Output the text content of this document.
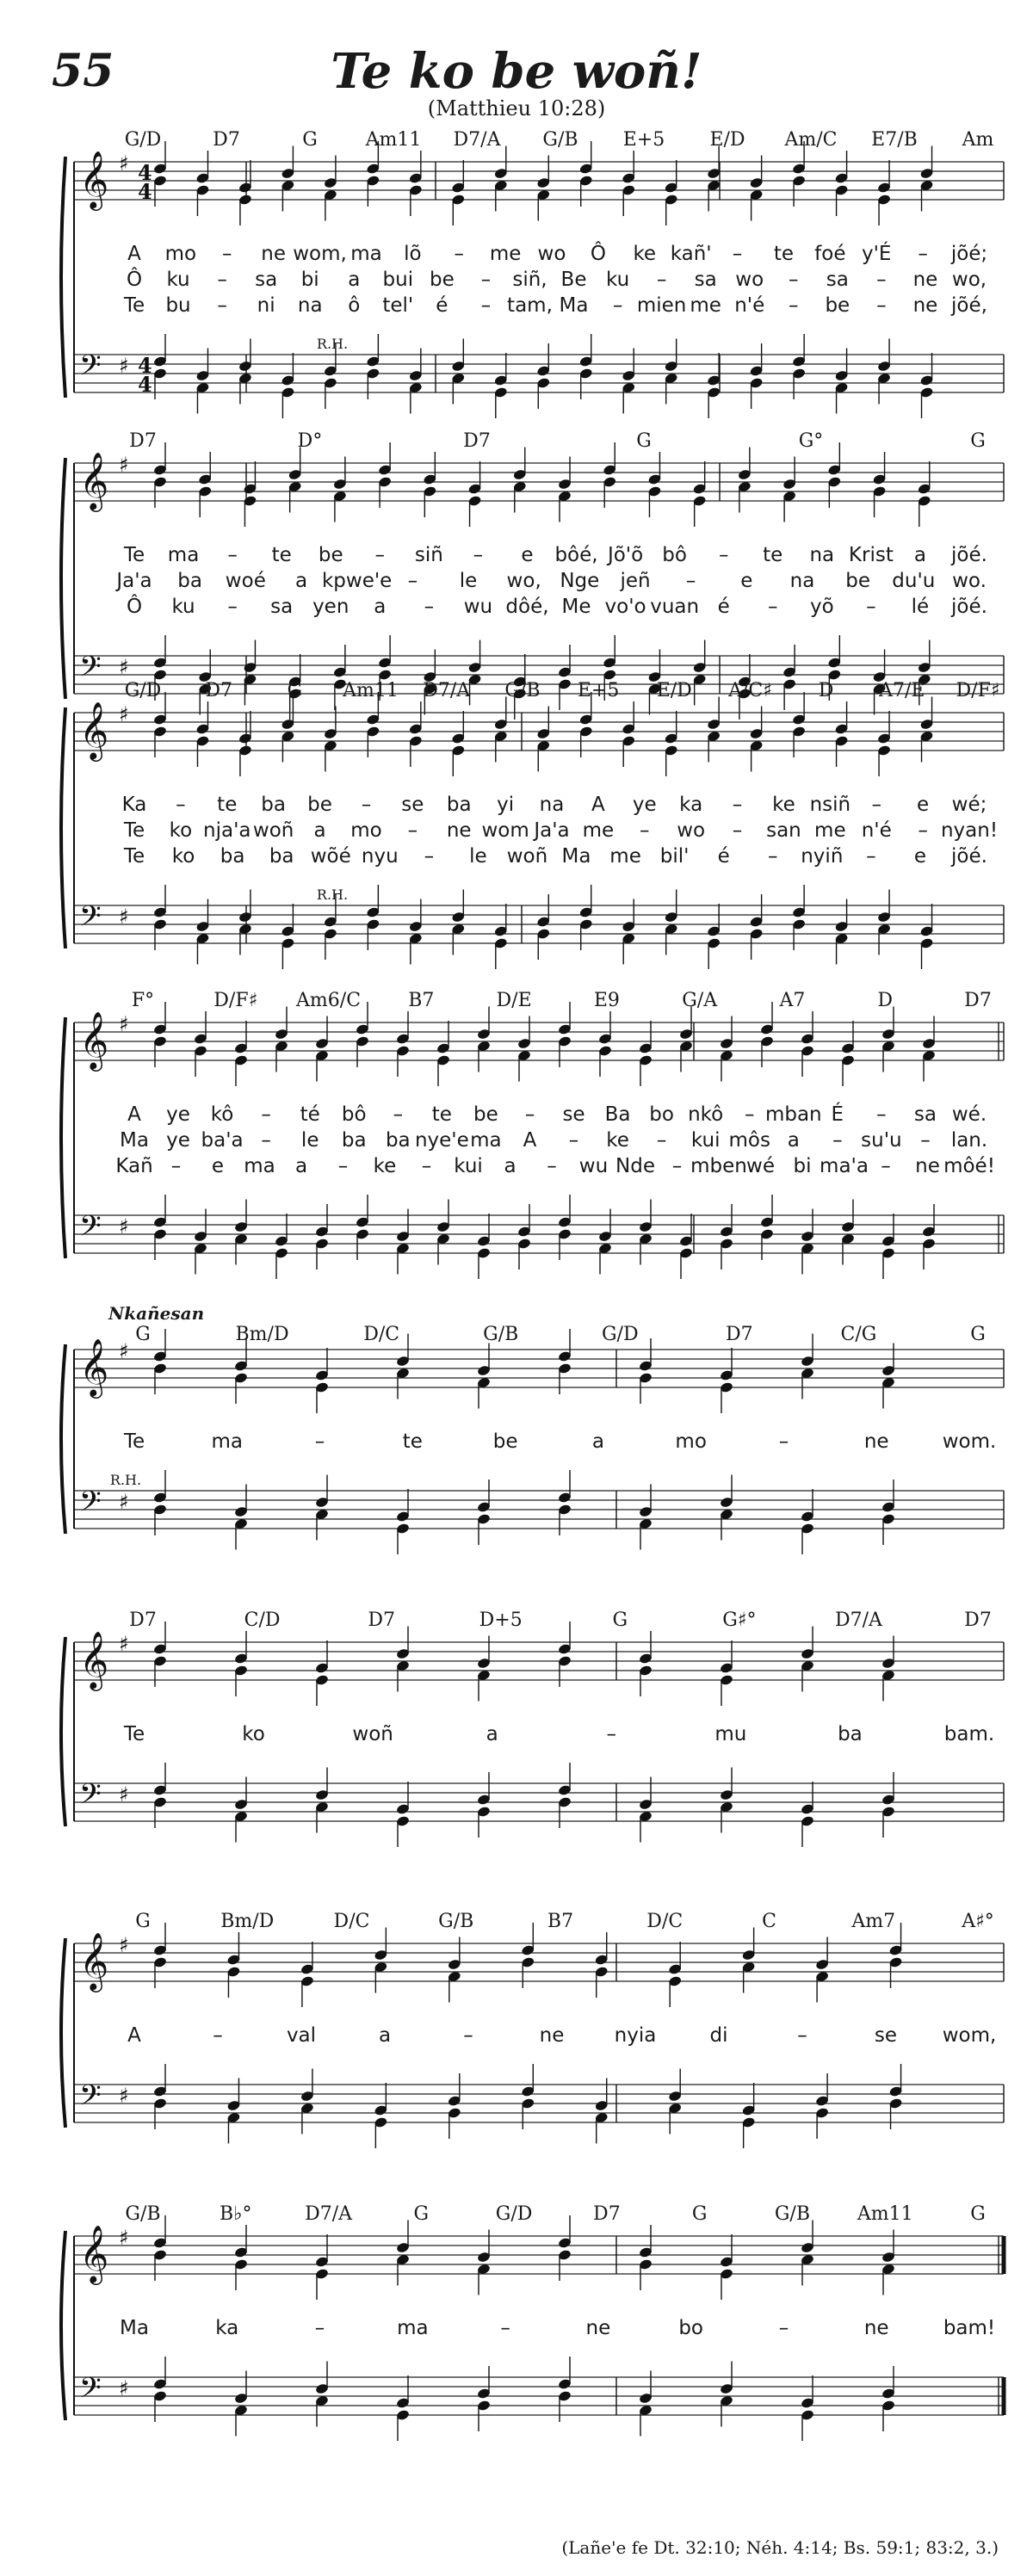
55	Te ko be woñ!
(Matthieu 10:28)
G/D	D7	G	Am11 D7/A G/B E+5 E/D Am/C E7/B Am
𝄞 ♯ 4
4
𝄢 ♯ 4
4
R.H.
A mo – ne wom, ma lõ – me wo Ô ke kañ' – te foé y'É – jõé;
Ô ku – sa bi a bui be – siñ, Be ku – sa wo – sa – ne wo,
Te bu – ni na ô tel' é – tam, Ma – mien me n'é – be – ne jõé,
D7	D°	D7	G	G°	G
𝄞 ♯
𝄢 ♯
Te ma – te be – siñ – e bôé, Jõ'õ bô – te na Krist a jõé.
Ja'a ba woé a kpwe'e – le wo, Nge jeñ – e na be du'u wo.
Ô ku – sa yen a – wu dôé, Me vo'o vuan é – yõ – lé jõé.
G/D D7	G Am11 D7/A G/B E+5 E/D A/C♯ D A7/E D/F♯
𝄞 ♯
𝄢 ♯
R.H.
Ka – te ba be – se ba yi na A ye ka – ke nsiñ – e wé;
Te ko nja'a woñ a mo – ne wom Ja'a me – wo – san me n'é – nyan!
Te ko ba ba wõé nyu – le woñ Ma me bil' é – nyiñ – e jõé.
F°	D/F♯ Am6/C	B7	D/E	E9	G/A	A7	D	D7
𝄞 ♯
𝄢 ♯
A ye kô – té bô – te be – se Ba bo nkô – mban É – sa wé.
Ma ye ba'a – le ba ba nye'e ma A – ke – kui môs a – su'u – lan.
Kañ – e ma a – ke – kui a – wu Nde – mben wé bi ma'a – ne môé!
Nkañesan
G	Bm/D	D/C	G/B	G/D	D7	C/G	G
𝄞 ♯
𝄢 ♯
R.H.
Te	ma	–	te	be	a	mo	–	ne	wom.
D7	C/D	D7	D+5	G	G♯°	D7/A	D7
𝄞 ♯
𝄢 ♯
Te	ko	woñ	a	–	mu	ba	bam.
G	Bm/D	D/C	G/B	B7	D/C	C	Am7	A♯°
𝄞 ♯
𝄢 ♯
A	–	val	a	–	ne	nyia	di	–	se wom,
G/B	B♭°	D7/A	G	G/D	D7	G	G/B Am11	G
𝄞 ♯
𝄢 ♯
Ma	ka	–	ma	–	ne	bo	–	ne	bam!
(Lañe'e fe Dt. 32:10; Néh. 4:14; Bs. 59:1; 83:2, 3.)
